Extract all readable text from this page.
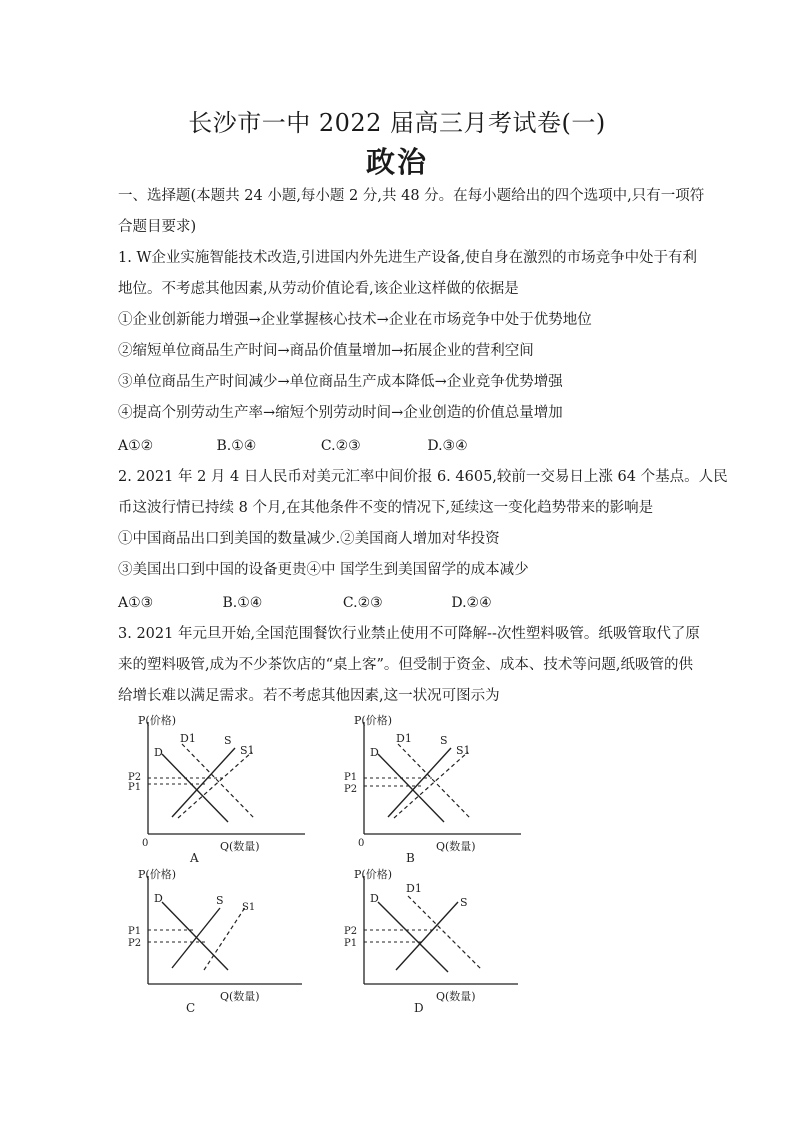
长沙市一中 2022 届高三月考试卷(一)
政治
一、选择题(本题共 24 小题,每小题 2 分,共 48 分。在每小题给出的四个选项中,只有一项符
合题目要求)
1. W企业实施智能技术改造,引进国内外先进生产设备,使自身在激烈的市场竞争中处于有利
地位。不考虑其他因素,从劳动价值论看,该企业这样做的依据是
①企业创新能力增强→企业掌握核心技术→企业在市场竞争中处于优势地位
②缩短单位商品生产时间→商品价值量增加→拓展企业的营利空间
③单位商品生产时间减少→单位商品生产成本降低→企业竞争优势增强
④提高个别劳动生产率→缩短个别劳动时间→企业创造的价值总量增加
A①②	B.①④	C.②③	D.③④
2. 2021 年 2 月 4 日人民币对美元汇率中间价报 6. 4605,较前一交易日上涨 64 个基点。人民
币这波行情已持续 8 个月,在其他条件不变的情况下,延续这一变化趋势带来的影响是
①中国商品出口到美国的数量减少.②美国商人增加对华投资
③美国出口到中国的设备更贵④中 国学生到美国留学的成本减少
A①③	B.①④	C.②③	D.②④
3. 2021 年元旦开始,全国范围餐饮行业禁止使用不可降解--次性塑料吸管。纸吸管取代了原
来的塑料吸管,成为不少茶饮店的“桌上客”。但受制于资金、成本、技术等问题,纸吸管的供
给增长难以满足需求。若不考虑其他因素,这一状况可图示为
P(价格)
Q(数量)
0
D
S
D1
S1
P2
P1
A
P(价格)
Q(数量)
0
D
S
D1
S1
P1
P2
B
P(价格)
Q(数量)
D	S
S1
P1
P2
C
P(价格)
Q(数量)
D	S
D1
P2
P1
D
